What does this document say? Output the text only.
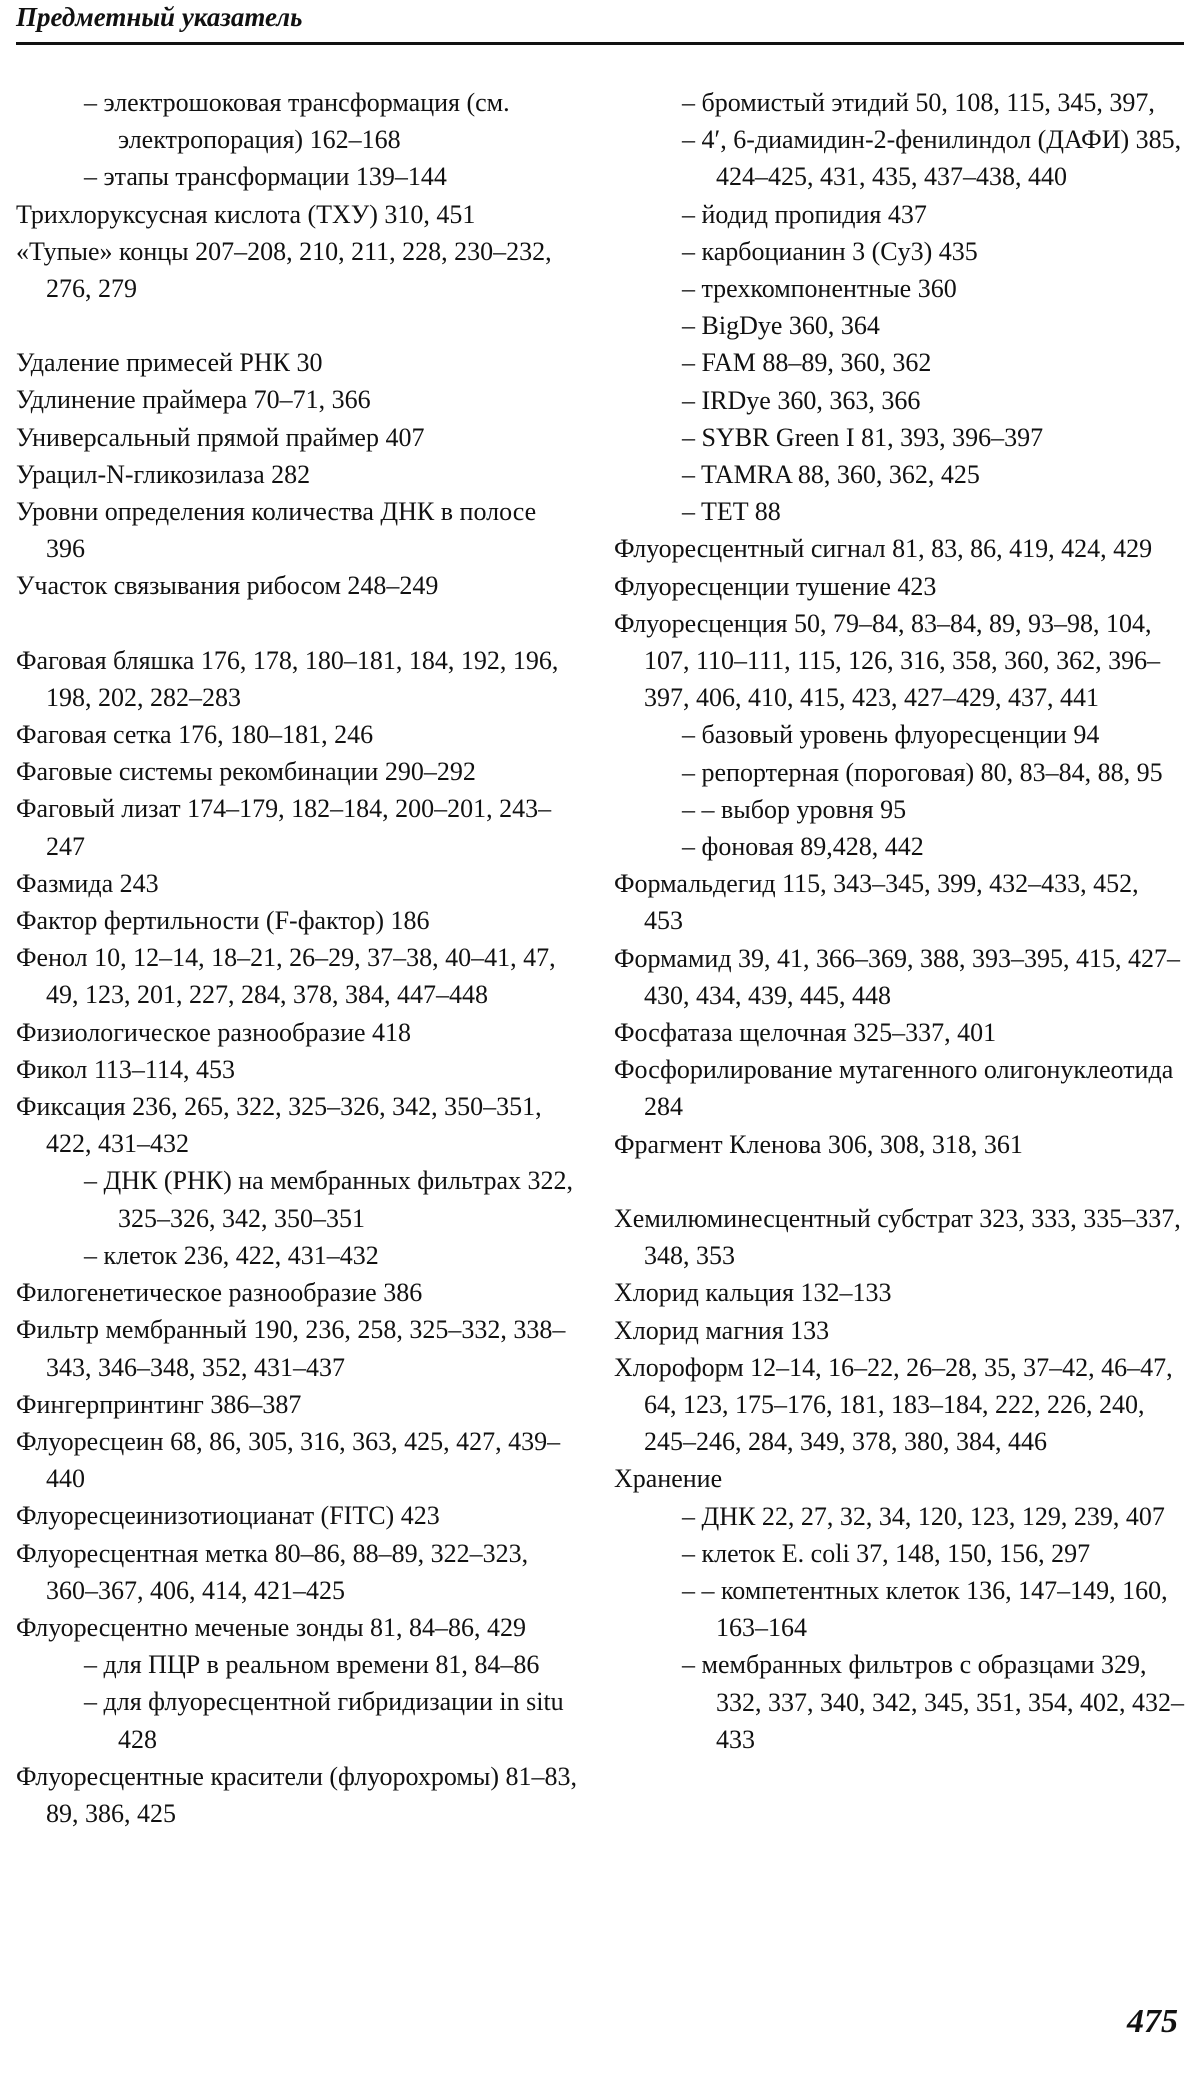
Предметный указатель
– электрошоковая трансформация (см. электропорация) 162–168
– этапы трансформации 139–144
Трихлоруксусная кислота (ТХУ) 310, 451
«Тупые» концы 207–208, 210, 211, 228, 230–232, 276, 279
Удаление примесей РНК 30
Удлинение праймера 70–71, 366
Универсальный прямой праймер 407
Урацил-N-гликозилаза 282
Уровни определения количества ДНК в полосе 396
Участок связывания рибосом 248–249
Фаговая бляшка 176, 178, 180–181, 184, 192, 196, 198, 202, 282–283
Фаговая сетка 176, 180–181, 246
Фаговые системы рекомбинации 290–292
Фаговый лизат 174–179, 182–184, 200–201, 243–247
Фазмида 243
Фактор фертильности (F-фактор) 186
Фенол 10, 12–14, 18–21, 26–29, 37–38, 40–41, 47, 49, 123, 201, 227, 284, 378, 384, 447–448
Физиологическое разнообразие 418
Фикол 113–114, 453
Фиксация 236, 265, 322, 325–326, 342, 350–351, 422, 431–432
– ДНК (РНК) на мембранных фильтрах 322, 325–326, 342, 350–351
– клеток 236, 422, 431–432
Филогенетическое разнообразие 386
Фильтр мембранный 190, 236, 258, 325–332, 338–343, 346–348, 352, 431–437
Фингерпринтинг 386–387
Флуоресцеин 68, 86, 305, 316, 363, 425, 427, 439–440
Флуоресцеинизотиоцианат (FITC) 423
Флуоресцентная метка 80–86, 88–89, 322–323, 360–367, 406, 414, 421–425
Флуоресцентно меченые зонды 81, 84–86, 429
– для ПЦР в реальном времени 81, 84–86
– для флуоресцентной гибридизации in situ 428
Флуоресцентные красители (флуорохромы) 81–83, 89, 386, 425
– бромистый этидий 50, 108, 115, 345, 397,
– 4′, 6-диамидин-2-фенилиндол (ДАФИ) 385, 424–425, 431, 435, 437–438, 440
– йодид пропидия 437
– карбоцианин 3 (Cy3) 435
– трехкомпонентные 360
– BigDye 360, 364
– FAM 88–89, 360, 362
– IRDye 360, 363, 366
– SYBR Green I 81, 393, 396–397
– TAMRA 88, 360, 362, 425
– TET 88
Флуоресцентный сигнал 81, 83, 86, 419, 424, 429
Флуоресценции тушение 423
Флуоресценция 50, 79–84, 83–84, 89, 93–98, 104, 107, 110–111, 115, 126, 316, 358, 360, 362, 396–397, 406, 410, 415, 423, 427–429, 437, 441
– базовый уровень флуоресценции 94
– репортерная (пороговая) 80, 83–84, 88, 95
– – выбор уровня 95
– фоновая 89,428, 442
Формальдегид 115, 343–345, 399, 432–433, 452, 453
Формамид 39, 41, 366–369, 388, 393–395, 415, 427–430, 434, 439, 445, 448
Фосфатаза щелочная 325–337, 401
Фосфорилирование мутагенного олигонуклеотида 284
Фрагмент Кленова 306, 308, 318, 361
Хемилюминесцентный субстрат 323, 333, 335–337, 348, 353
Хлорид кальция 132–133
Хлорид магния 133
Хлороформ 12–14, 16–22, 26–28, 35, 37–42, 46–47, 64, 123, 175–176, 181, 183–184, 222, 226, 240, 245–246, 284, 349, 378, 380, 384, 446
Хранение
– ДНК 22, 27, 32, 34, 120, 123, 129, 239, 407
– клеток E. coli 37, 148, 150, 156, 297
– – компетентных клеток 136, 147–149, 160, 163–164
– мембранных фильтров с образцами 329, 332, 337, 340, 342, 345, 351, 354, 402, 432–433
475
